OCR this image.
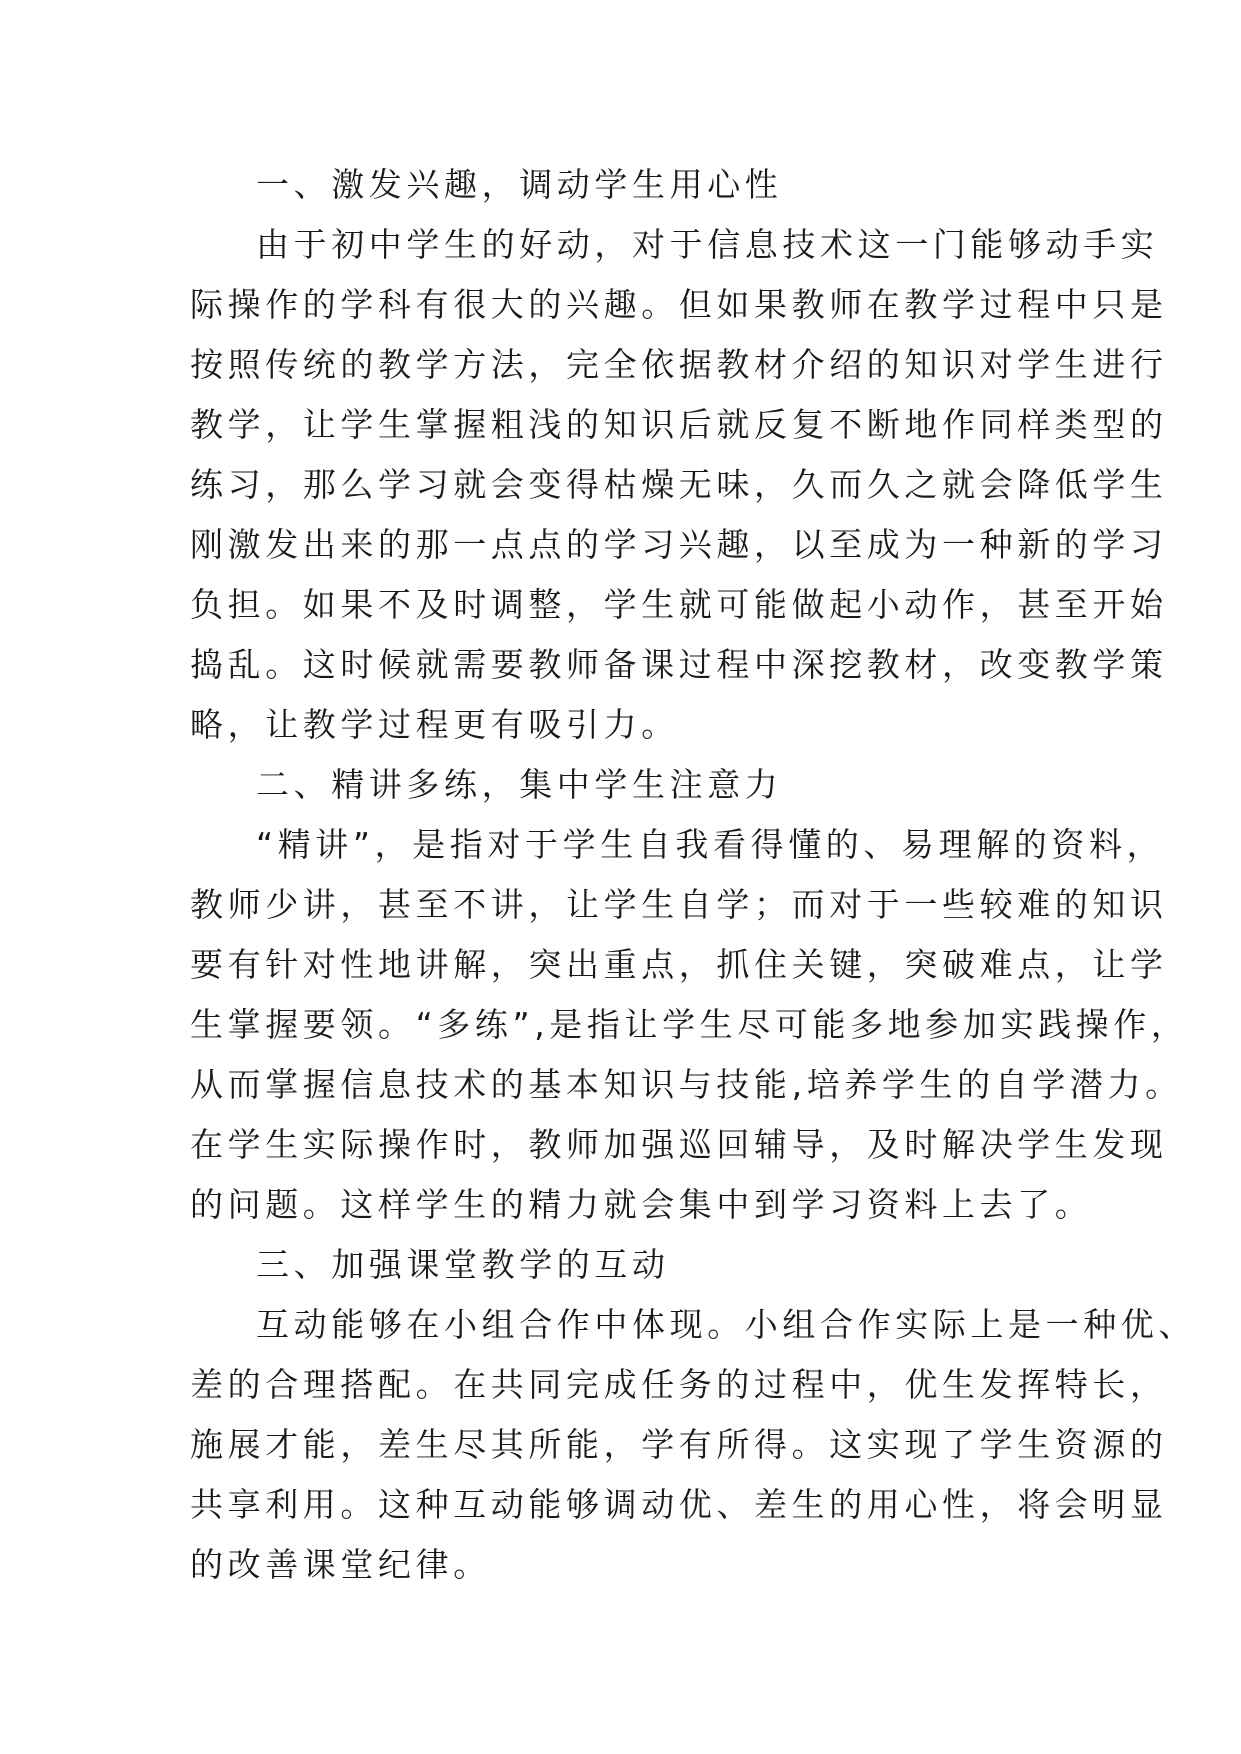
一、激发兴趣，调动学生用心性
由于初中学生的好动，对于信息技术这一门能够动手实
际操作的学科有很大的兴趣。但如果教师在教学过程中只是
按照传统的教学方法，完全依据教材介绍的知识对学生进行
教学，让学生掌握粗浅的知识后就反复不断地作同样类型的
练习，那么学习就会变得枯燥无味，久而久之就会降低学生
刚激发出来的那一点点的学习兴趣，以至成为一种新的学习
负担。如果不及时调整，学生就可能做起小动作，甚至开始
捣乱。这时候就需要教师备课过程中深挖教材，改变教学策
略，让教学过程更有吸引力。
二、精讲多练，集中学生注意力
“精讲”，是指对于学生自我看得懂的、易理解的资料，
教师少讲，甚至不讲，让学生自学；而对于一些较难的知识
要有针对性地讲解，突出重点，抓住关键，突破难点，让学
生掌握要领。“多练”,是指让学生尽可能多地参加实践操作，
从而掌握信息技术的基本知识与技能,培养学生的自学潜力。
在学生实际操作时，教师加强巡回辅导，及时解决学生发现
的问题。这样学生的精力就会集中到学习资料上去了。
三、加强课堂教学的互动
互动能够在小组合作中体现。小组合作实际上是一种优、
差的合理搭配。在共同完成任务的过程中，优生发挥特长，
施展才能，差生尽其所能，学有所得。这实现了学生资源的
共享利用。这种互动能够调动优、差生的用心性，将会明显
的改善课堂纪律。
